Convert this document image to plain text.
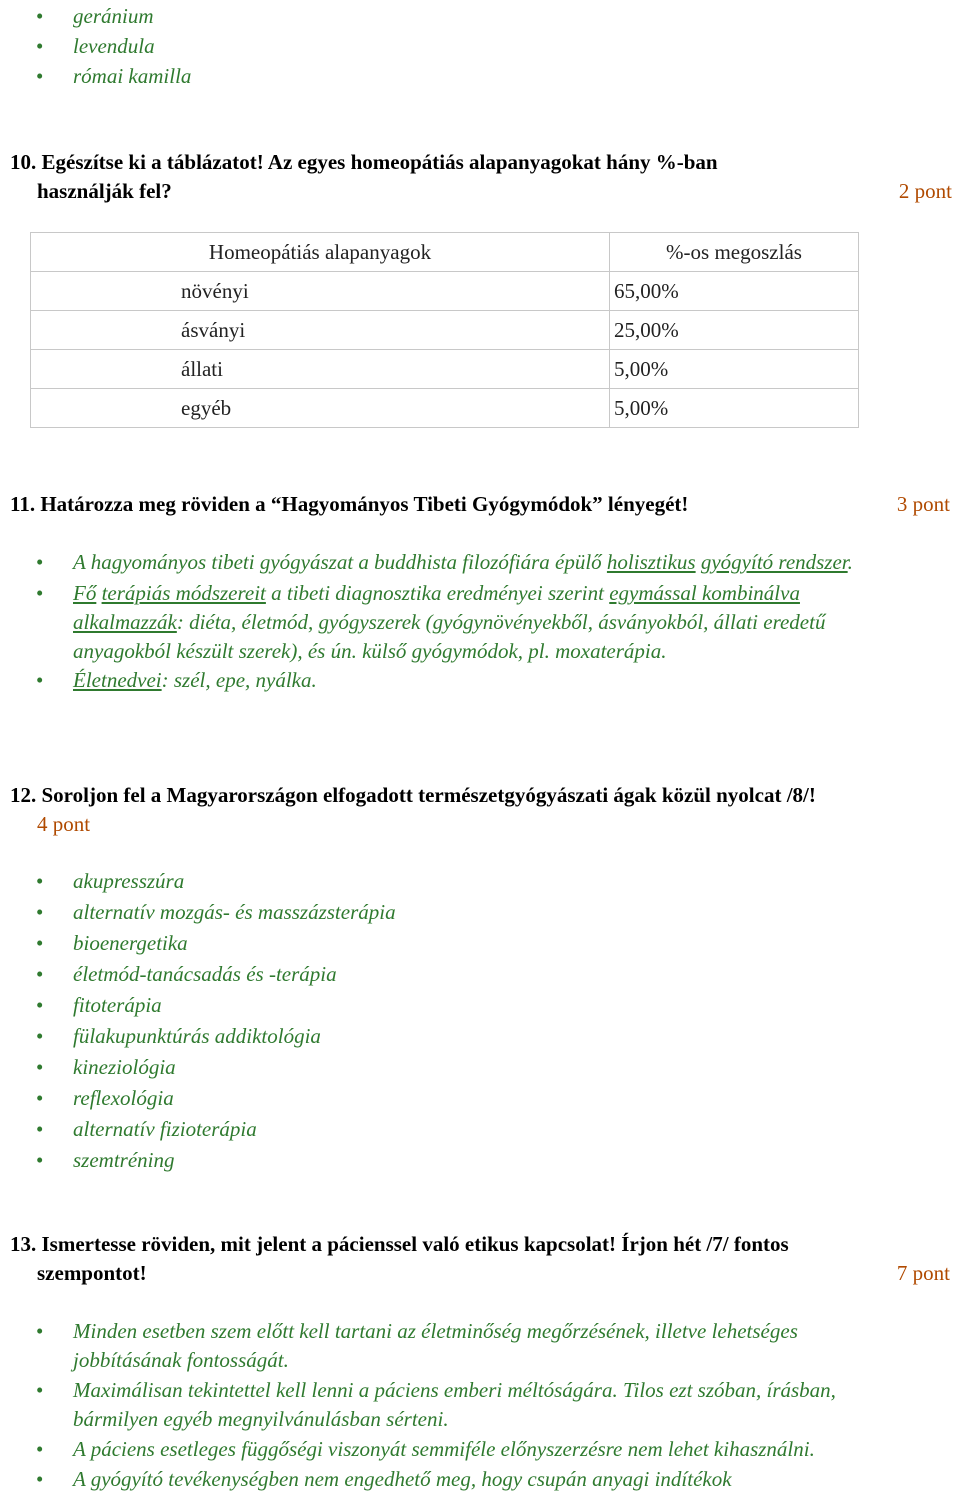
• geránium
• levendula
• római kamilla
10. Egészítse ki a táblázatot! Az egyes homeopátiás alapanyagokat hány %-ban
használják fel?	2 pont
Homeopátiás alapanyagok	%-os megoszlás
növényi	65,00%
ásványi	25,00%
állati	5,00%
egyéb	5,00%
11. Határozza meg röviden a “Hagyományos Tibeti Gyógymódok” lényegét!	3 pont
• A hagyományos tibeti gyógyászat a buddhista filozófiára épülő holisztikus gyógyító rendszer.
• Fő terápiás módszereit a tibeti diagnosztika eredményei szerint egymással kombinálva alkalmazzák: diéta, életmód, gyógyszerek (gyógynövényekből, ásványokból, állati eredetű anyagokból készült szerek), és ún. külső gyógymódok, pl. moxaterápia.
• Életnedvei: szél, epe, nyálka.
12. Soroljon fel a Magyarországon elfogadott természetgyógyászati ágak közül nyolcat /8/!
4 pont
• akupresszúra
• alternatív mozgás- és masszázsterápia
• bioenergetika
• életmód-tanácsadás és -terápia
• fitoterápia
• fülakupunktúrás addiktológia
• kineziológia
• reflexológia
• alternatív fizioterápia
• szemtréning
13. Ismertesse röviden, mit jelent a pácienssel való etikus kapcsolat! Írjon hét /7/ fontos
szempontot!	7 pont
• Minden esetben szem előtt kell tartani az életminőség megőrzésének, illetve lehetséges jobbításának fontosságát.
• Maximálisan tekintettel kell lenni a páciens emberi méltóságára. Tilos ezt szóban, írásban, bármilyen egyéb megnyilvánulásban sérteni.
• A páciens esetleges függőségi viszonyát semmiféle előnyszerzésre nem lehet kihasználni.
• A gyógyító tevékenységben nem engedhető meg, hogy csupán anyagi indítékok
